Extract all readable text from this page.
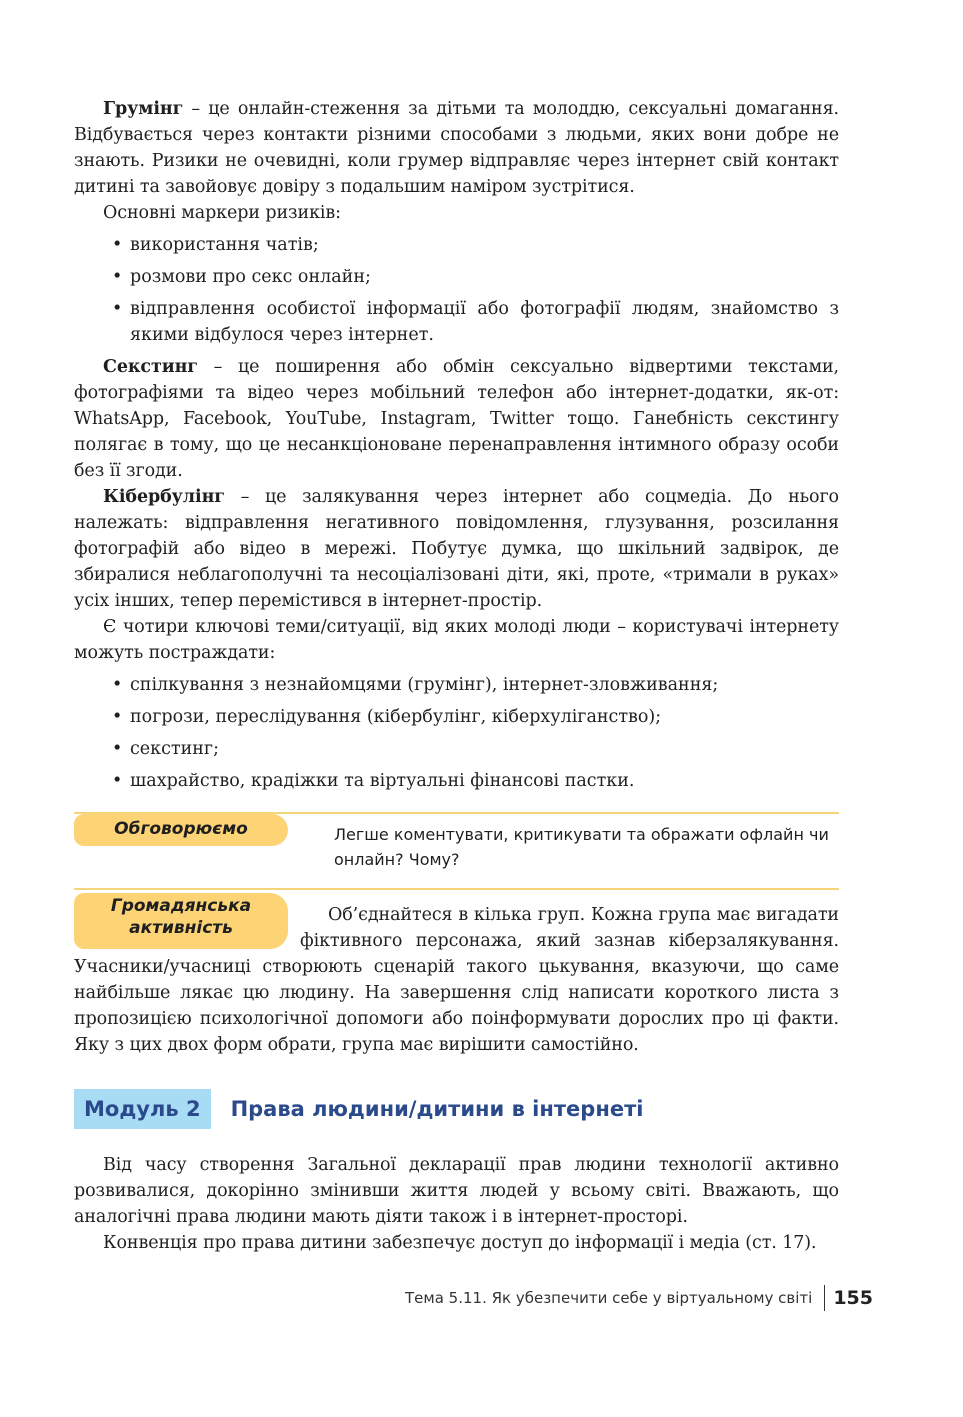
Грумінг – це онлайн-стеження за дітьми та молоддю, сексуальні домагання. Відбувається через контакти різними способами з людьми, яких вони добре не знають. Ризики не очевидні, коли грумер відправляє через інтернет свій контакт дитині та завойовує довіру з подальшим наміром зустрітися.

Основні маркери ризиків:

• використання чатів;
• розмови про секс онлайн;
• відправлення особистої інформації або фотографії людям, знайомство з якими відбулося через інтернет.

Секстинг – це поширення або обмін сексуально відвертими текстами, фотографіями та відео через мобільний телефон або інтернет-додатки, як-от: WhatsApp, Facebook, YouTube, Instagram, Twitter тощо. Ганебність секстингу полягає в тому, що це несанкціоноване перенаправлення інтимного образу особи без її згоди.

Кібербулінг – це залякування через інтернет або соцмедіа. До нього належать: відправлення негативного повідомлення, глузування, розсилання фотографій або відео в мережі. Побутує думка, що шкільний задвірок, де збиралися неблагополучні та несоціалізовані діти, які, проте, «тримали в руках» усіх інших, тепер перемістився в інтернет-простір.

Є чотири ключові теми/ситуації, від яких молоді люди – користувачі інтернету можуть постраждати:

• спілкування з незнайомцями (грумінг), інтернет-зловживання;
• погрози, переслідування (кібербулінг, кіберхуліганство);
• секстинг;
• шахрайство, крадіжки та віртуальні фінансові пастки.
Обговорюємо	Легше коментувати, критикувати та ображати офлайн чи онлайн? Чому?
Громадянська
активність

Об’єднайтеся в кілька груп. Кожна група має вигадати фіктивного персонажа, який зазнав кіберзалякування. Учасники/учасниці створюють сценарій такого цькування, вказуючи, що саме найбільше лякає цю людину. На завершення слід написати короткого листа з пропозицією психологічної допомоги або поінформувати дорослих про ці факти. Яку з цих двох форм обрати, група має вирішити самостійно.

Модуль 2	Права людини/дитини в інтернеті

Від часу створення Загальної декларації прав людини технології активно розвивалися, докорінно змінивши життя людей у всьому світі. Вважають, що аналогічні права людини мають діяти також і в інтернет-просторі.

Конвенція про права дитини забезпечує доступ до інформації і медіа (ст. 17).

Тема 5.11. Як убезпечити себе у віртуальному світі 155
